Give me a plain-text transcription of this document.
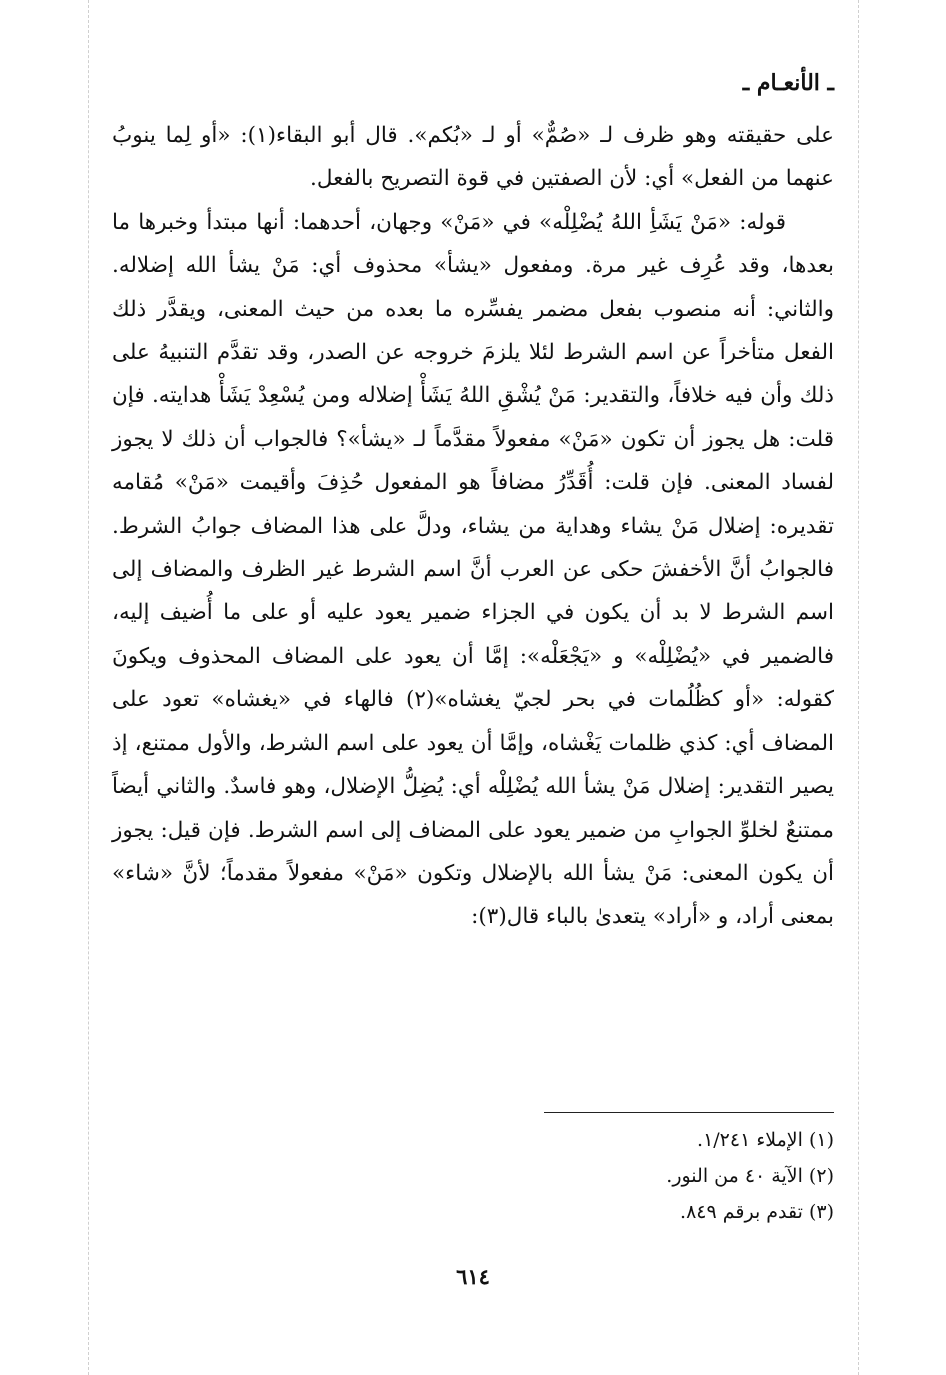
ـ الأنعـام ـ

على حقيقته وهو ظرف لـ «صُمٌّ» أو لـ «بُكم». قال أبو البقاء(١): «أو لِما ينوبُ عنهما من الفعل» أي: لأن الصفتين في قوة التصريح بالفعل.

قوله: «مَنْ يَشَأِ اللهُ يُضْلِلْه» في «مَنْ» وجهان، أحدهما: أنها مبتدأ وخبرها ما بعدها، وقد عُرِف غير مرة. ومفعول «يشأ» محذوف أي: مَنْ يشأ الله إضلاله. والثاني: أنه منصوب بفعل مضمر يفسِّره ما بعده من حيث المعنى، ويقدَّر ذلك الفعل متأخراً عن اسم الشرط لئلا يلزمَ خروجه عن الصدر، وقد تقدَّم التنبيهُ على ذلك وأن فيه خلافاً، والتقدير: مَنْ يُشْقِ اللهُ يَشَأْ إضلاله ومن يُسْعِدْ يَشَأْ هدايته. فإن قلت: هل يجوز أن تكون «مَنْ» مفعولاً مقدَّماً لـ «يشأ»؟ فالجواب أن ذلك لا يجوز لفساد المعنى. فإن قلت: أُقَدِّرُ مضافاً هو المفعول حُذِفَ وأقيمت «مَنْ» مُقامه تقديره: إضلال مَنْ يشاء وهداية من يشاء، ودلَّ على هذا المضاف جوابُ الشرط. فالجوابُ أنَّ الأخفشَ حكى عن العرب أنَّ اسم الشرط غير الظرف والمضاف إلى اسم الشرط لا بد أن يكون في الجزاء ضمير يعود عليه أو على ما أُضيف إليه، فالضمير في «يُضْلِلْه» و «يَجْعَلْه»: إمَّا أن يعود على المضاف المحذوف ويكونَ كقوله: «أو كظُلُمات في بحر لجيّ يغشاه»(٢) فالهاء في «يغشاه» تعود على المضاف أي: كذي ظلمات يَغْشاه، وإمَّا أن يعود على اسم الشرط، والأول ممتنع، إذ يصير التقدير: إضلال مَنْ يشأ الله يُضْلِلْه أي: يُضِلُّ الإضلال، وهو فاسدٌ. والثاني أيضاً ممتنعٌ لخلوِّ الجوابِ من ضمير يعود على المضاف إلى اسم الشرط. فإن قيل: يجوز أن يكون المعنى: مَنْ يشأ الله بالإضلال وتكون «مَنْ» مفعولاً مقدماً؛ لأنَّ «شاء» بمعنى أراد، و «أراد» يتعدىٰ بالباء قال(٣):

(١) الإملاء ١/٢٤١.
(٢) الآية ٤٠ من النور.
(٣) تقدم برقم ٨٤٩.
٦١٤
